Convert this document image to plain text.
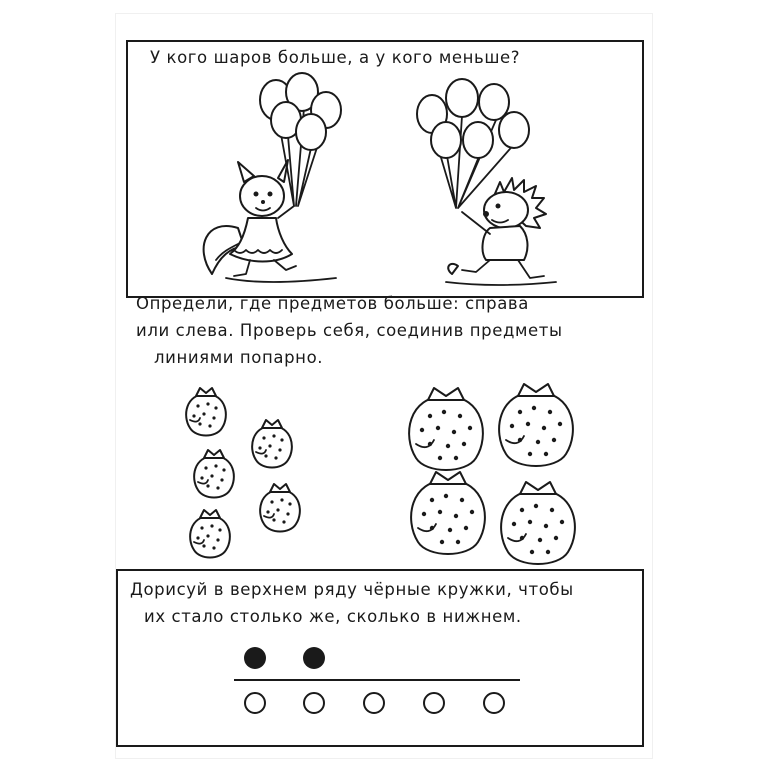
У кого шаров больше, а у кого меньше?

Определи, где предметов больше: справа
или слева. Проверь себя, соединив предметы
линиями попарно.
Дорисуй в верхнем ряду чёрные кружки, чтобы
их стало столько же, сколько в нижнем.
